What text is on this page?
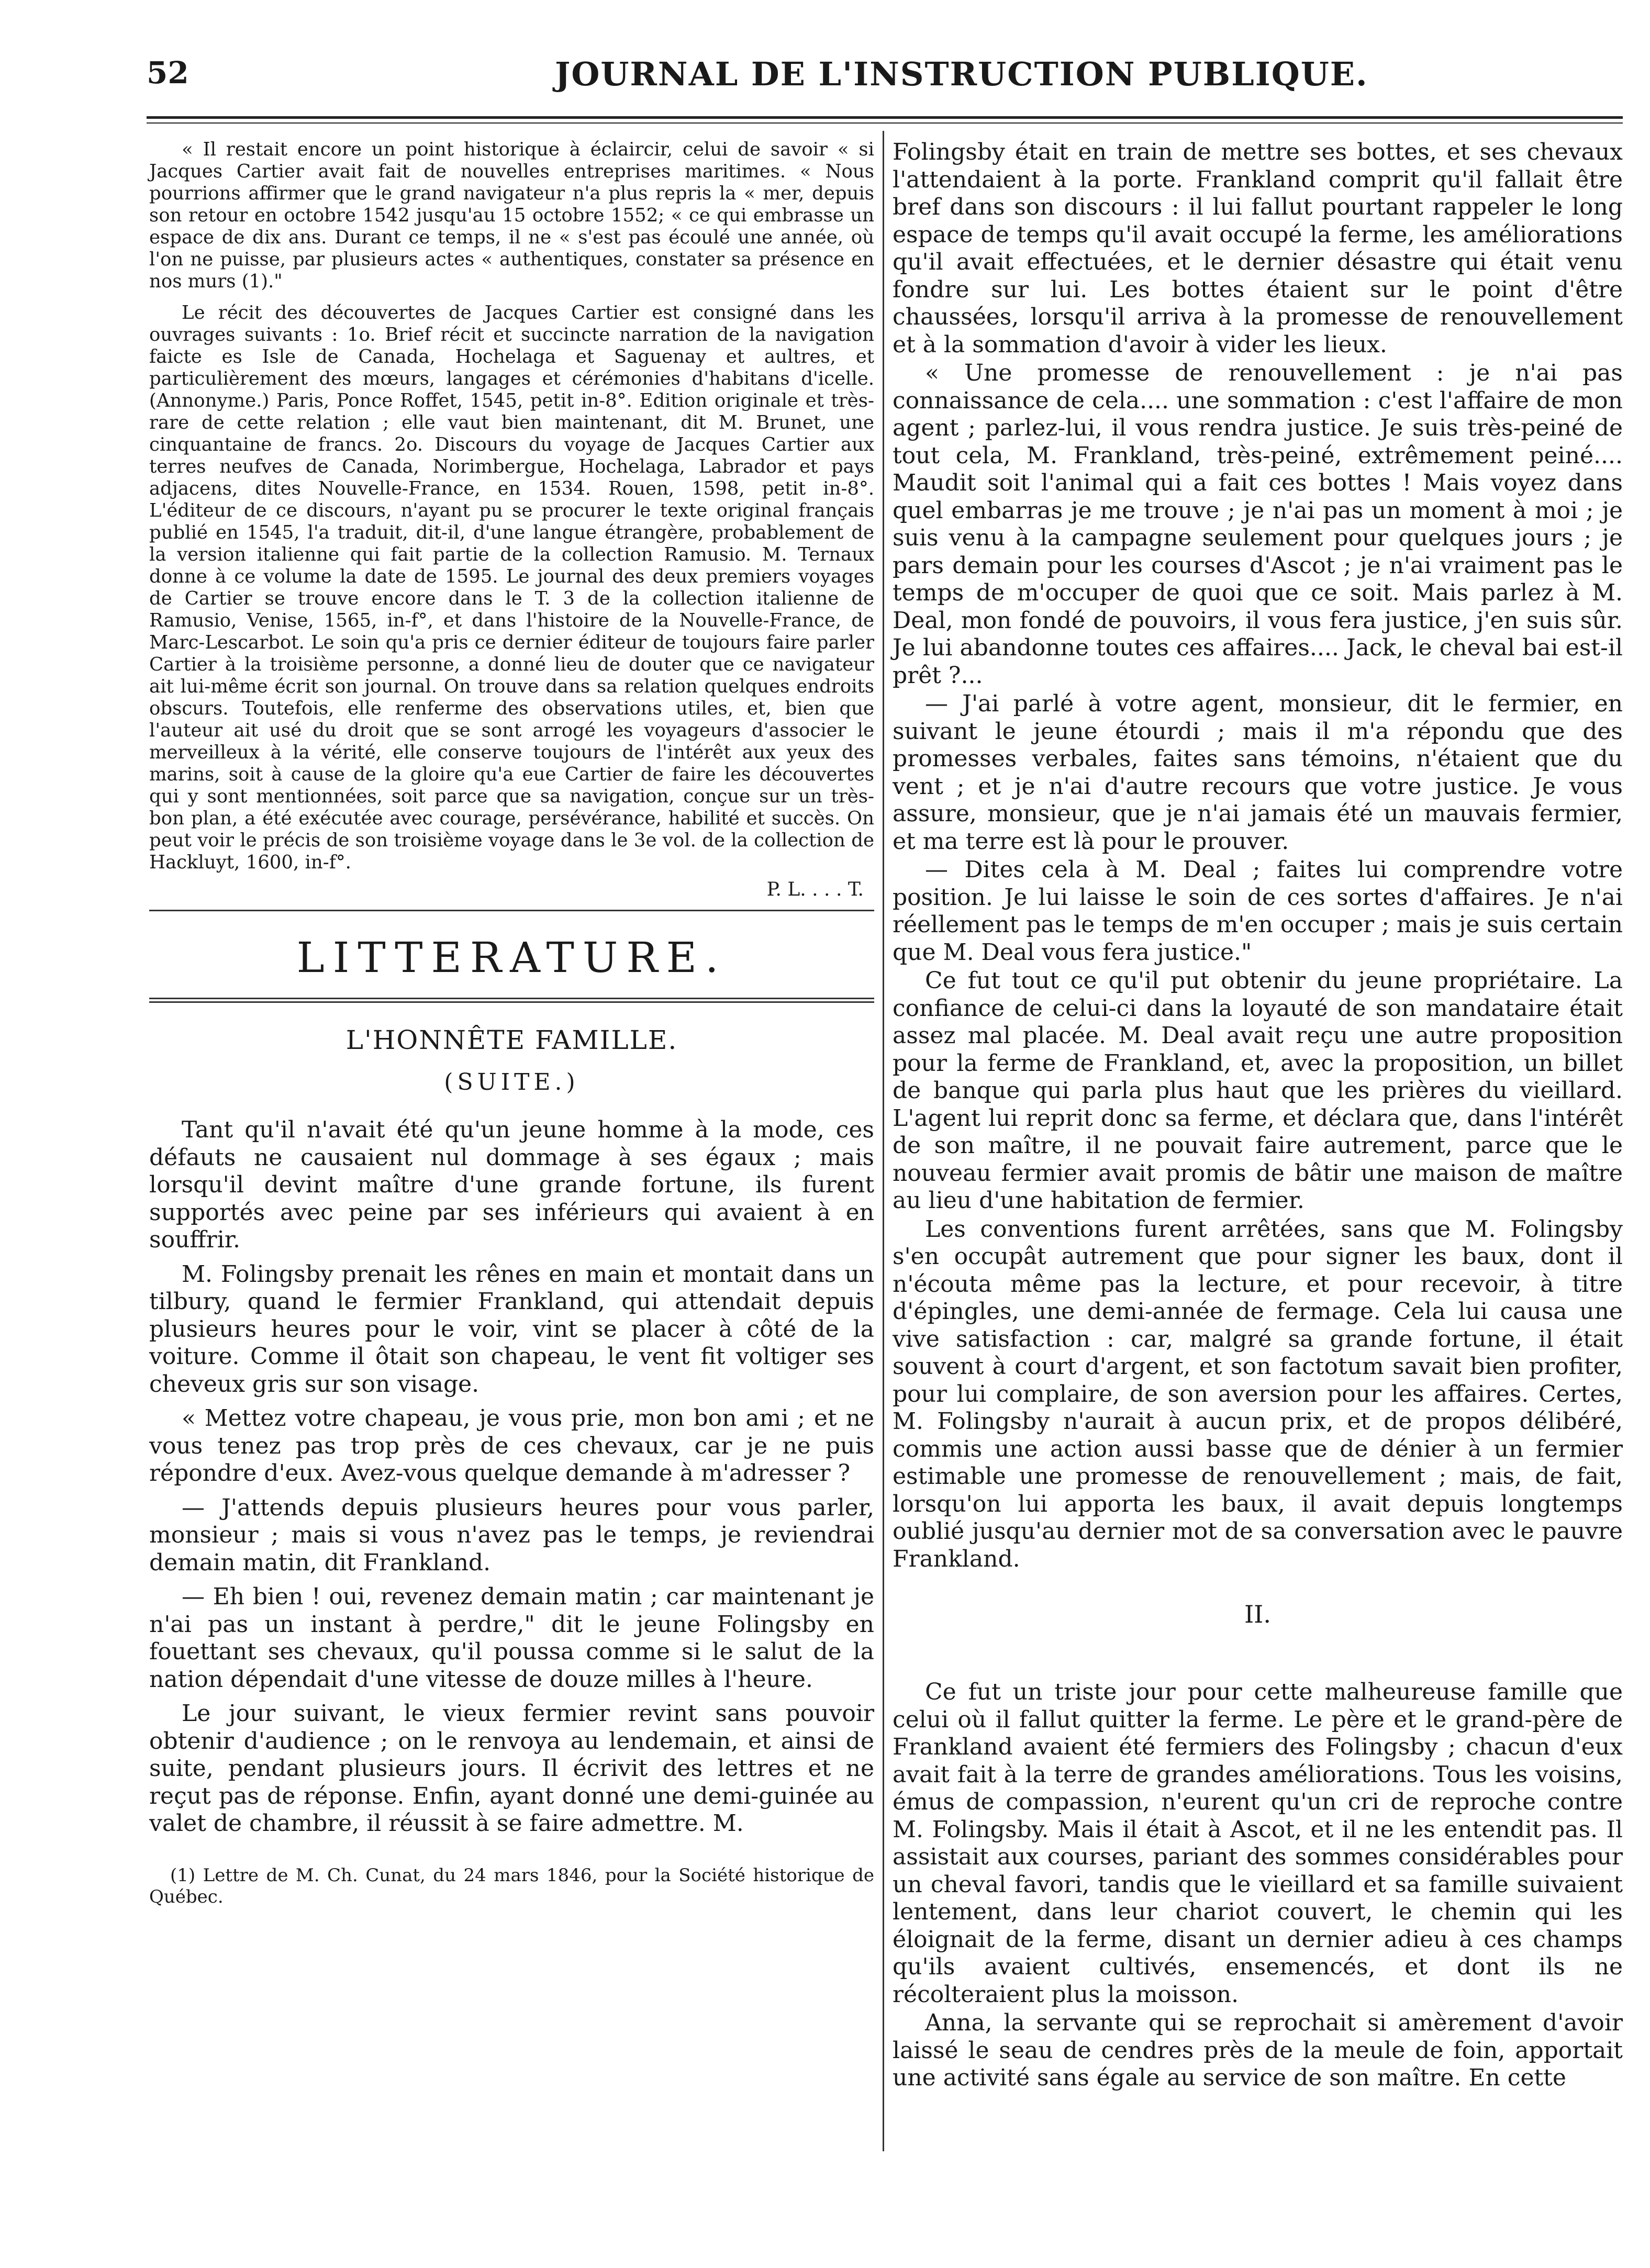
52	JOURNAL DE L'INSTRUCTION PUBLIQUE.

« Il restait encore un point historique à éclaircir, celui de savoir « si Jacques Cartier avait fait de nouvelles entreprises maritimes. « Nous pourrions affirmer que le grand navigateur n'a plus repris la « mer, depuis son retour en octobre 1542 jusqu'au 15 octobre 1552; « ce qui embrasse un espace de dix ans. Durant ce temps, il ne « s'est pas écoulé une année, où l'on ne puisse, par plusieurs actes « authentiques, constater sa présence en nos murs (1)."

Le récit des découvertes de Jacques Cartier est consigné dans les ouvrages suivants : 1o. Brief récit et succincte narration de la navigation faicte es Isle de Canada, Hochelaga et Saguenay et aultres, et particulièrement des mœurs, langages et cérémonies d'habitans d'icelle. (Annonyme.) Paris, Ponce Roffet, 1545, petit in-8°. Edition originale et très-rare de cette relation ; elle vaut bien maintenant, dit M. Brunet, une cinquantaine de francs. 2o. Discours du voyage de Jacques Cartier aux terres neufves de Canada, Norimbergue, Hochelaga, Labrador et pays adjacens, dites Nouvelle-France, en 1534. Rouen, 1598, petit in-8°. L'éditeur de ce discours, n'ayant pu se procurer le texte original français publié en 1545, l'a traduit, dit-il, d'une langue étrangère, probablement de la version italienne qui fait partie de la collection Ramusio. M. Ternaux donne à ce volume la date de 1595. Le journal des deux premiers voyages de Cartier se trouve encore dans le T. 3 de la collection italienne de Ramusio, Venise, 1565, in-f°, et dans l'histoire de la Nouvelle-France, de Marc-Lescarbot. Le soin qu'a pris ce dernier éditeur de toujours faire parler Cartier à la troisième personne, a donné lieu de douter que ce navigateur ait lui-même écrit son journal. On trouve dans sa relation quelques endroits obscurs. Toutefois, elle renferme des observations utiles, et, bien que l'auteur ait usé du droit que se sont arrogé les voyageurs d'associer le merveilleux à la vérité, elle conserve toujours de l'intérêt aux yeux des marins, soit à cause de la gloire qu'a eue Cartier de faire les découvertes qui y sont mentionnées, soit parce que sa navigation, conçue sur un très-bon plan, a été exécutée avec courage, persévérance, habilité et succès. On peut voir le précis de son troisième voyage dans le 3e vol. de la collection de Hackluyt, 1600, in-f°.

P. L. . . . T.
LITTERATURE.
L'HONNÊTE FAMILLE.
(SUITE.)

Tant qu'il n'avait été qu'un jeune homme à la mode, ces défauts ne causaient nul dommage à ses égaux ; mais lorsqu'il devint maître d'une grande fortune, ils furent supportés avec peine par ses inférieurs qui avaient à en souffrir.

M. Folingsby prenait les rênes en main et montait dans un tilbury, quand le fermier Frankland, qui attendait depuis plusieurs heures pour le voir, vint se placer à côté de la voiture. Comme il ôtait son chapeau, le vent fit voltiger ses cheveux gris sur son visage.

« Mettez votre chapeau, je vous prie, mon bon ami ; et ne vous tenez pas trop près de ces chevaux, car je ne puis répondre d'eux. Avez-vous quelque demande à m'adresser ?

— J'attends depuis plusieurs heures pour vous parler, monsieur ; mais si vous n'avez pas le temps, je reviendrai demain matin, dit Frankland.

— Eh bien ! oui, revenez demain matin ; car maintenant je n'ai pas un instant à perdre," dit le jeune Folingsby en fouettant ses chevaux, qu'il poussa comme si le salut de la nation dépendait d'une vitesse de douze milles à l'heure.

Le jour suivant, le vieux fermier revint sans pouvoir obtenir d'audience ; on le renvoya au lendemain, et ainsi de suite, pendant plusieurs jours. Il écrivit des lettres et ne reçut pas de réponse. Enfin, ayant donné une demi-guinée au valet de chambre, il réussit à se faire admettre. M.

(1) Lettre de M. Ch. Cunat, du 24 mars 1846, pour la Société historique de Québec.

Folingsby était en train de mettre ses bottes, et ses chevaux l'attendaient à la porte. Frankland comprit qu'il fallait être bref dans son discours : il lui fallut pourtant rappeler le long espace de temps qu'il avait occupé la ferme, les améliorations qu'il avait effectuées, et le dernier désastre qui était venu fondre sur lui. Les bottes étaient sur le point d'être chaussées, lorsqu'il arriva à la promesse de renouvellement et à la sommation d'avoir à vider les lieux.

« Une promesse de renouvellement : je n'ai pas connaissance de cela.... une sommation : c'est l'affaire de mon agent ; parlez-lui, il vous rendra justice. Je suis très-peiné de tout cela, M. Frankland, très-peiné, extrêmement peiné.... Maudit soit l'animal qui a fait ces bottes ! Mais voyez dans quel embarras je me trouve ; je n'ai pas un moment à moi ; je suis venu à la campagne seulement pour quelques jours ; je pars demain pour les courses d'Ascot ; je n'ai vraiment pas le temps de m'occuper de quoi que ce soit. Mais parlez à M. Deal, mon fondé de pouvoirs, il vous fera justice, j'en suis sûr. Je lui abandonne toutes ces affaires.... Jack, le cheval bai est-il prêt ?...

— J'ai parlé à votre agent, monsieur, dit le fermier, en suivant le jeune étourdi ; mais il m'a répondu que des promesses verbales, faites sans témoins, n'étaient que du vent ; et je n'ai d'autre recours que votre justice. Je vous assure, monsieur, que je n'ai jamais été un mauvais fermier, et ma terre est là pour le prouver.

— Dites cela à M. Deal ; faites lui comprendre votre position. Je lui laisse le soin de ces sortes d'affaires. Je n'ai réellement pas le temps de m'en occuper ; mais je suis certain que M. Deal vous fera justice."

Ce fut tout ce qu'il put obtenir du jeune propriétaire. La confiance de celui-ci dans la loyauté de son mandataire était assez mal placée. M. Deal avait reçu une autre proposition pour la ferme de Frankland, et, avec la proposition, un billet de banque qui parla plus haut que les prières du vieillard. L'agent lui reprit donc sa ferme, et déclara que, dans l'intérêt de son maître, il ne pouvait faire autrement, parce que le nouveau fermier avait promis de bâtir une maison de maître au lieu d'une habitation de fermier.

Les conventions furent arrêtées, sans que M. Folingsby s'en occupât autrement que pour signer les baux, dont il n'écouta même pas la lecture, et pour recevoir, à titre d'épingles, une demi-année de fermage. Cela lui causa une vive satisfaction : car, malgré sa grande fortune, il était souvent à court d'argent, et son factotum savait bien profiter, pour lui complaire, de son aversion pour les affaires. Certes, M. Folingsby n'aurait à aucun prix, et de propos délibéré, commis une action aussi basse que de dénier à un fermier estimable une promesse de renouvellement ; mais, de fait, lorsqu'on lui apporta les baux, il avait depuis longtemps oublié jusqu'au dernier mot de sa conversation avec le pauvre Frankland.

II.

Ce fut un triste jour pour cette malheureuse famille que celui où il fallut quitter la ferme. Le père et le grand-père de Frankland avaient été fermiers des Folingsby ; chacun d'eux avait fait à la terre de grandes améliorations. Tous les voisins, émus de compassion, n'eurent qu'un cri de reproche contre M. Folingsby. Mais il était à Ascot, et il ne les entendit pas. Il assistait aux courses, pariant des sommes considérables pour un cheval favori, tandis que le vieillard et sa famille suivaient lentement, dans leur chariot couvert, le chemin qui les éloignait de la ferme, disant un dernier adieu à ces champs qu'ils avaient cultivés, ensemencés, et dont ils ne récolteraient plus la moisson.

Anna, la servante qui se reprochait si amèrement d'avoir laissé le seau de cendres près de la meule de foin, apportait une activité sans égale au service de son maître. En cette
